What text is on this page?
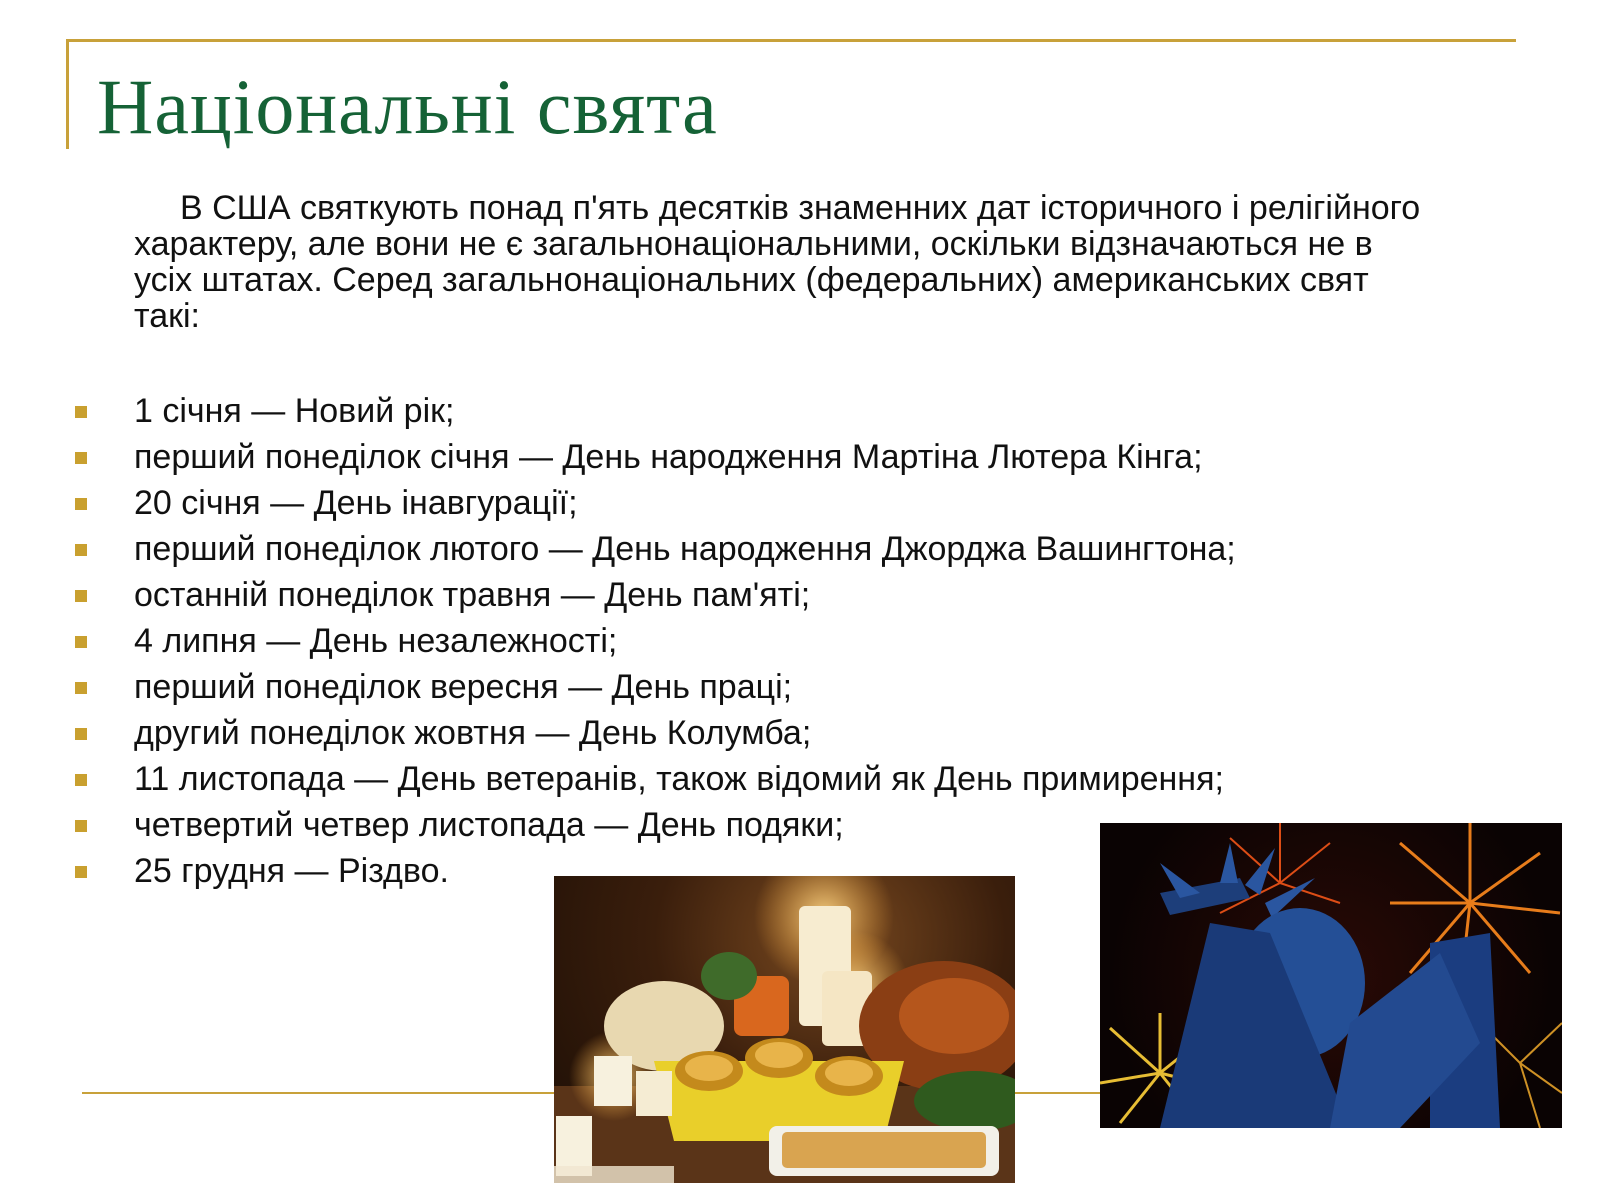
Національні свята

В США святкують понад п'ять десятків знаменних дат історичного і релігійного характеру, але вони не є загальнонаціональними, оскільки відзначаються не в усіх штатах. Серед загальнонаціональних (федеральних) американських свят такі:

1 січня — Новий рік;
перший понеділок січня — День народження Мартіна Лютера Кінга;
20 січня — День інавгурації;
перший понеділок лютого — День народження Джорджа Вашингтона;
останній понеділок травня — День пам'яті;
4 липня — День незалежності;
перший понеділок вересня — День праці;
другий понеділок жовтня — День Колумба;
11 листопада — День ветеранів, також відомий як День примирення;
четвертий четвер листопада — День подяки;
25 грудня — Різдво.
